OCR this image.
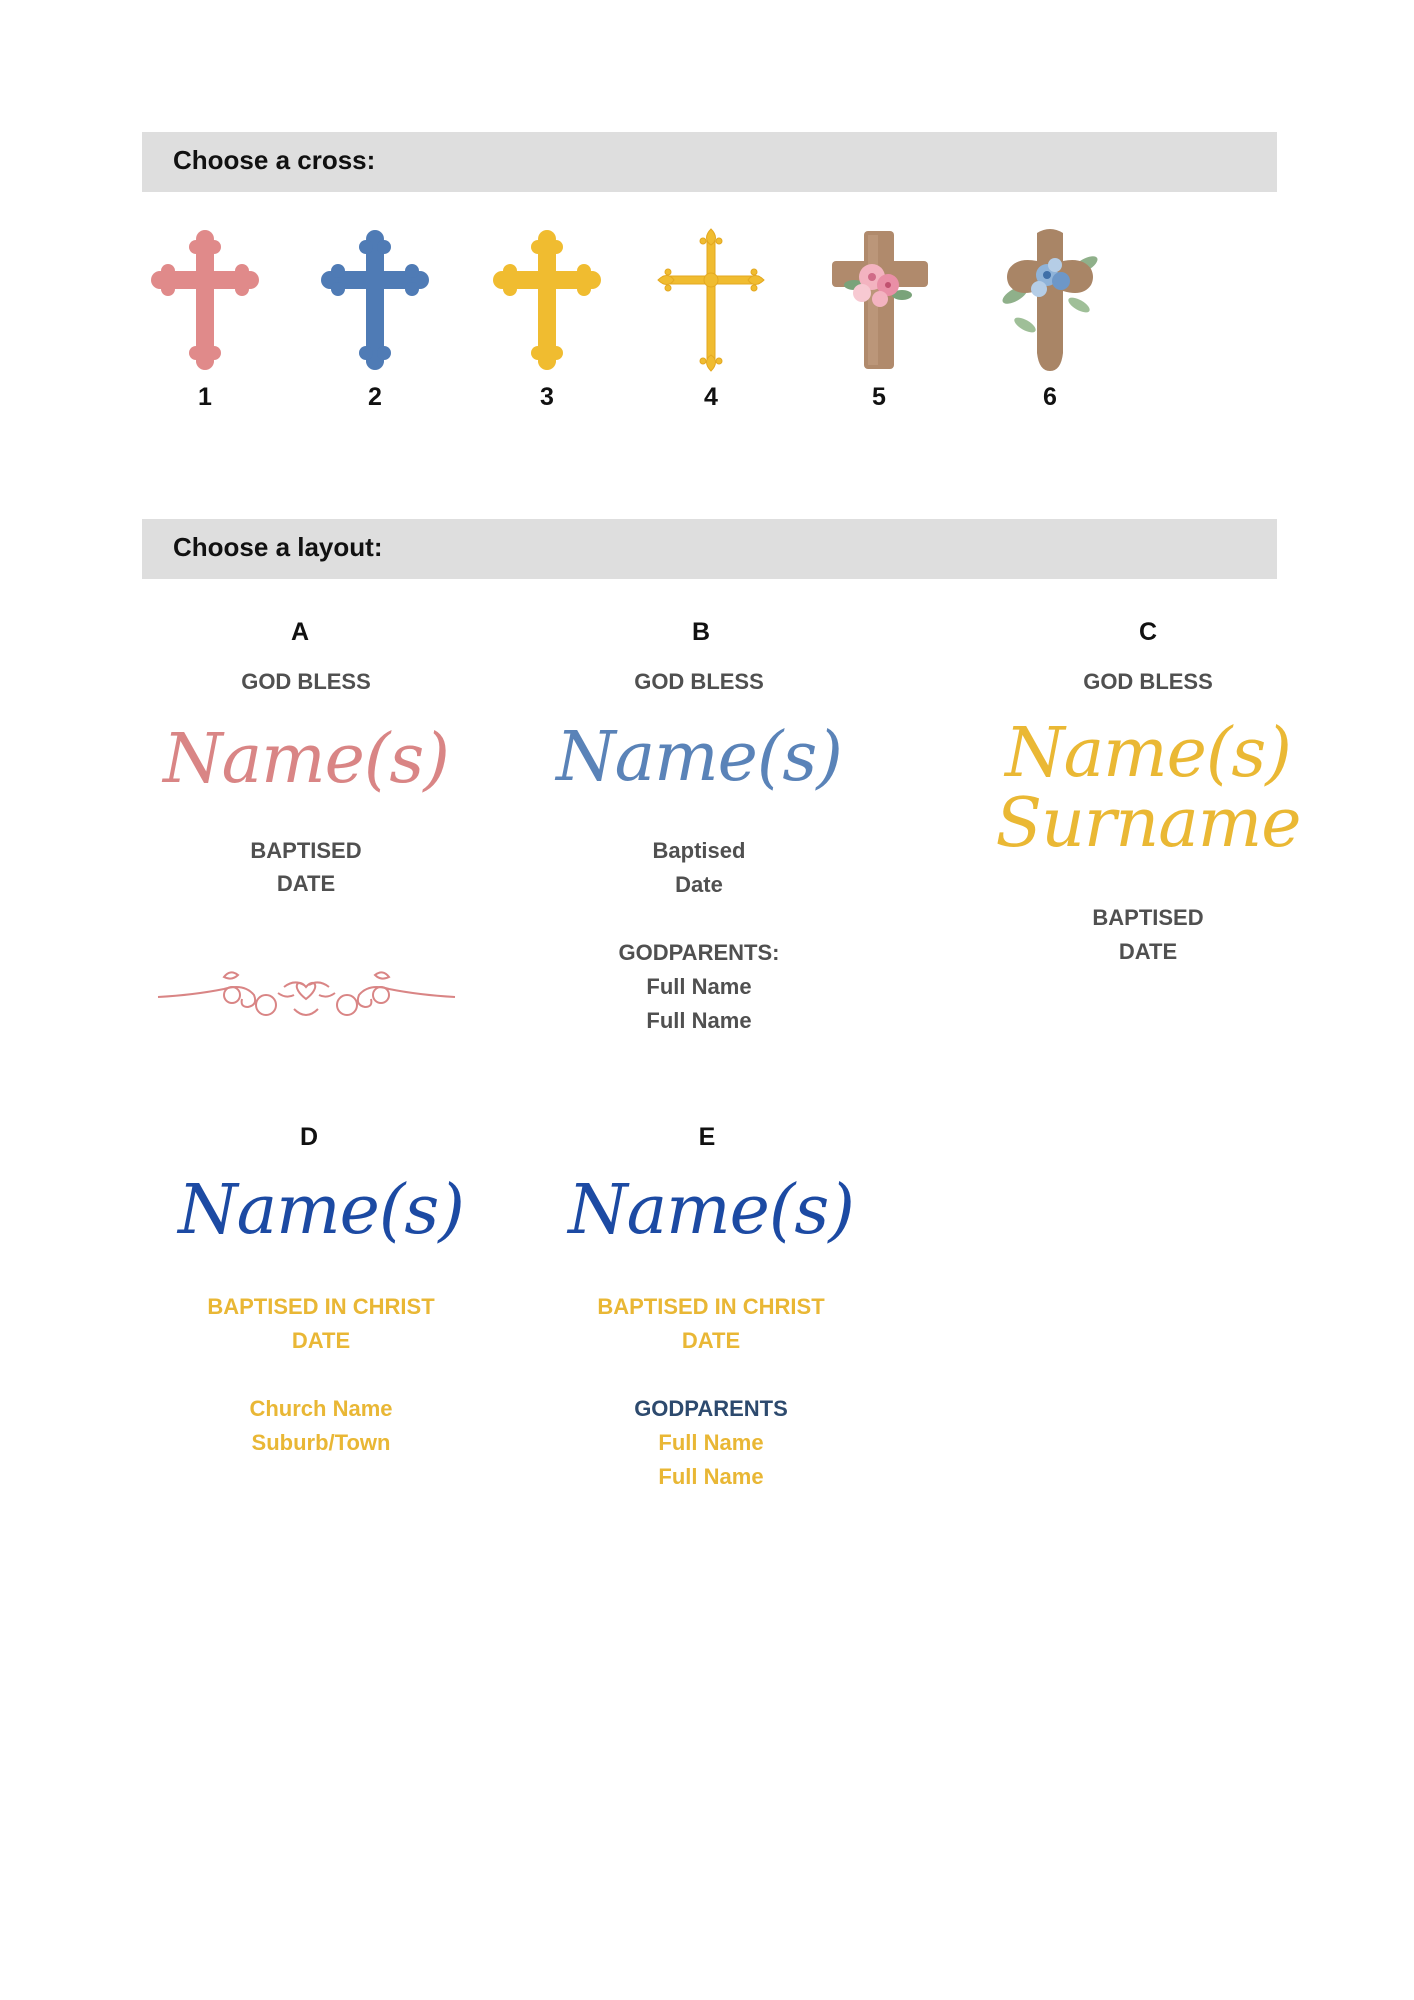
Choose a cross:
1	2	3	4	5	6
Choose a layout:
A
GOD BLESS
Name(s)
BAPTISED
DATE
B
GOD BLESS
Name(s)
Baptised
Date
GODPARENTS:
Full Name
Full Name
C
GOD BLESS
Name(s)
Surname
BAPTISED
DATE
D
Name(s)
BAPTISED IN CHRIST
DATE
Church Name
Suburb/Town
E
Name(s)
BAPTISED IN CHRIST
DATE
GODPARENTS
Full Name
Full Name
